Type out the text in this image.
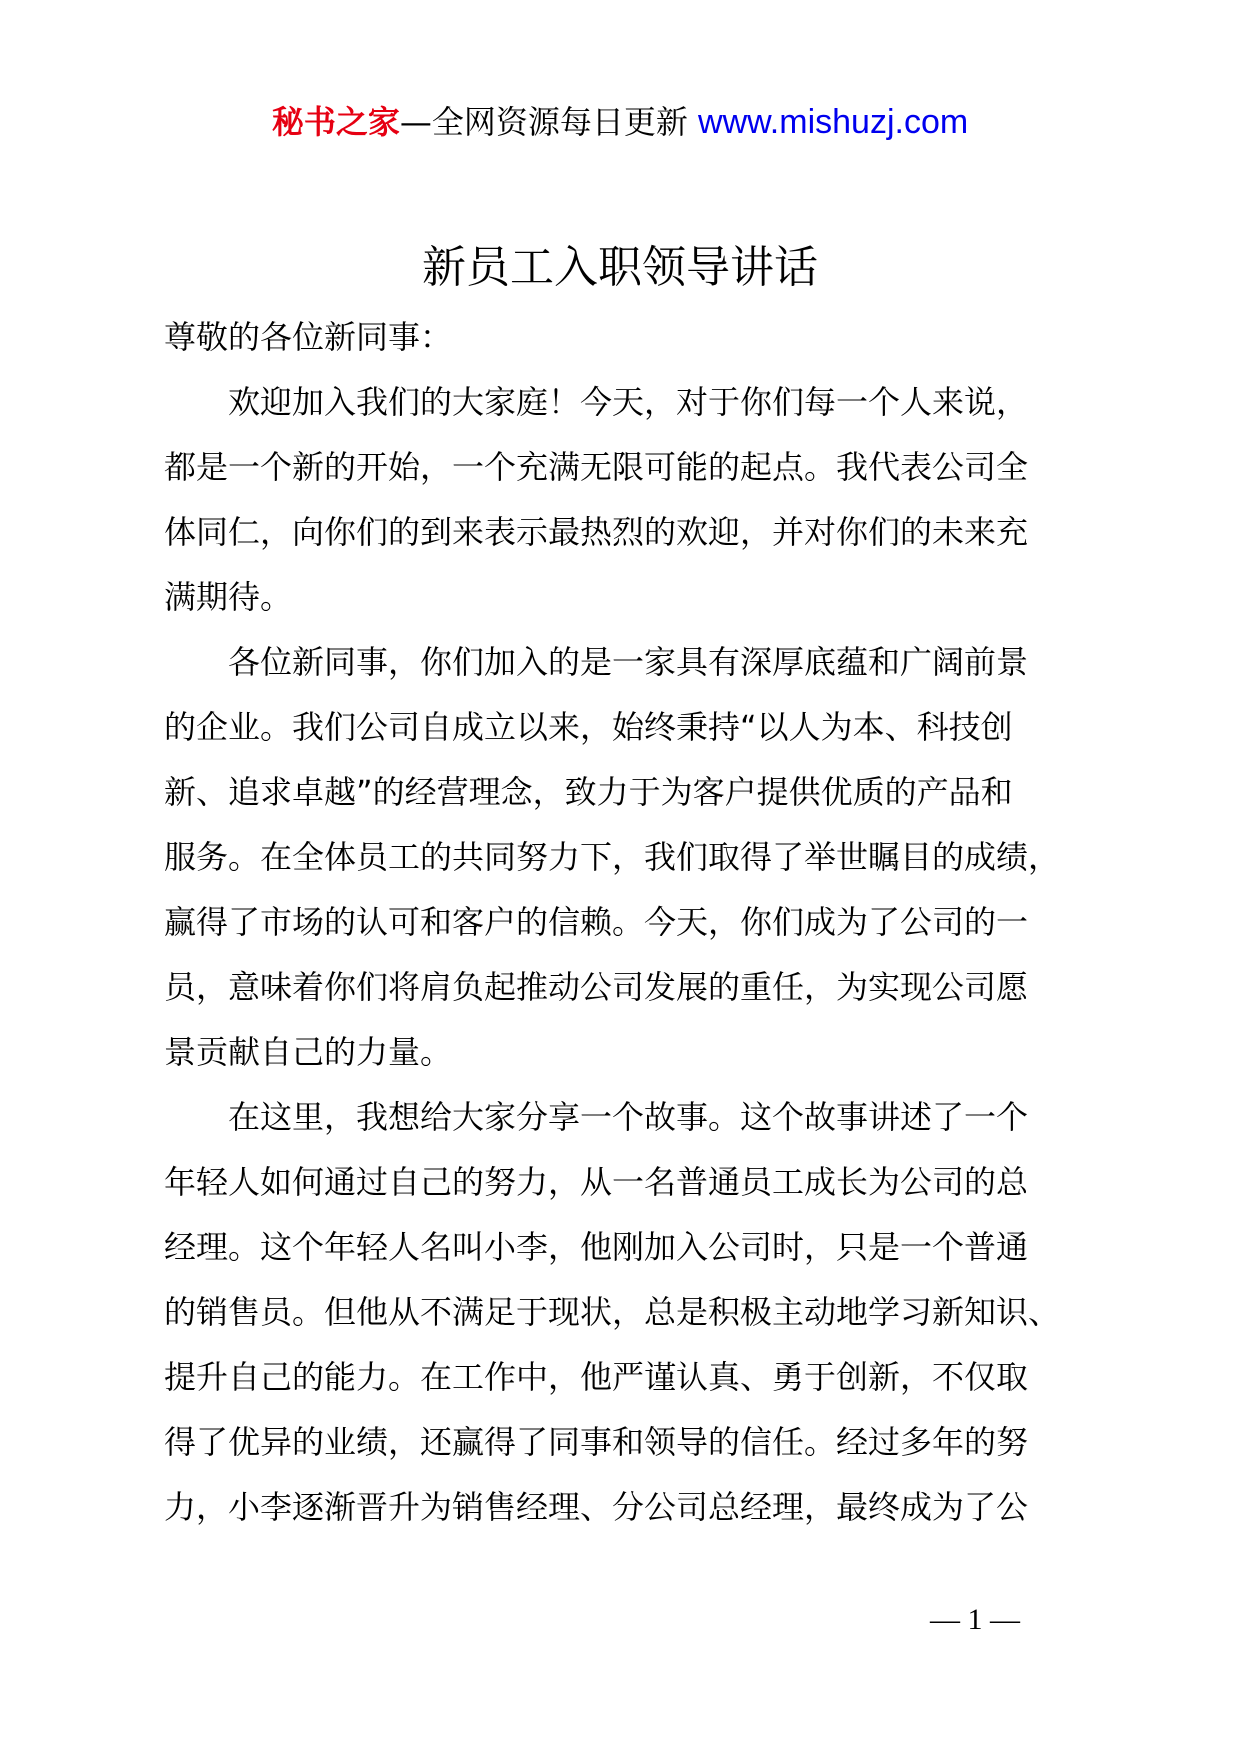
秘书之家—全网资源每日更新 www.mishuzj.com
新员工入职领导讲话

尊敬的各位新同事：

欢迎加入我们的大家庭！今天，对于你们每一个人来说，
都是一个新的开始，一个充满无限可能的起点。我代表公司全
体同仁，向你们的到来表示最热烈的欢迎，并对你们的未来充
满期待。

各位新同事，你们加入的是一家具有深厚底蕴和广阔前景
的企业。我们公司自成立以来，始终秉持“以人为本、科技创
新、追求卓越”的经营理念，致力于为客户提供优质的产品和
服务。在全体员工的共同努力下，我们取得了举世瞩目的成绩，
赢得了市场的认可和客户的信赖。今天，你们成为了公司的一
员，意味着你们将肩负起推动公司发展的重任，为实现公司愿
景贡献自己的力量。

在这里，我想给大家分享一个故事。这个故事讲述了一个
年轻人如何通过自己的努力，从一名普通员工成长为公司的总
经理。这个年轻人名叫小李，他刚加入公司时，只是一个普通
的销售员。但他从不满足于现状，总是积极主动地学习新知识、
提升自己的能力。在工作中，他严谨认真、勇于创新，不仅取
得了优异的业绩，还赢得了同事和领导的信任。经过多年的努
力，小李逐渐晋升为销售经理、分公司总经理，最终成为了公

— 1 —
